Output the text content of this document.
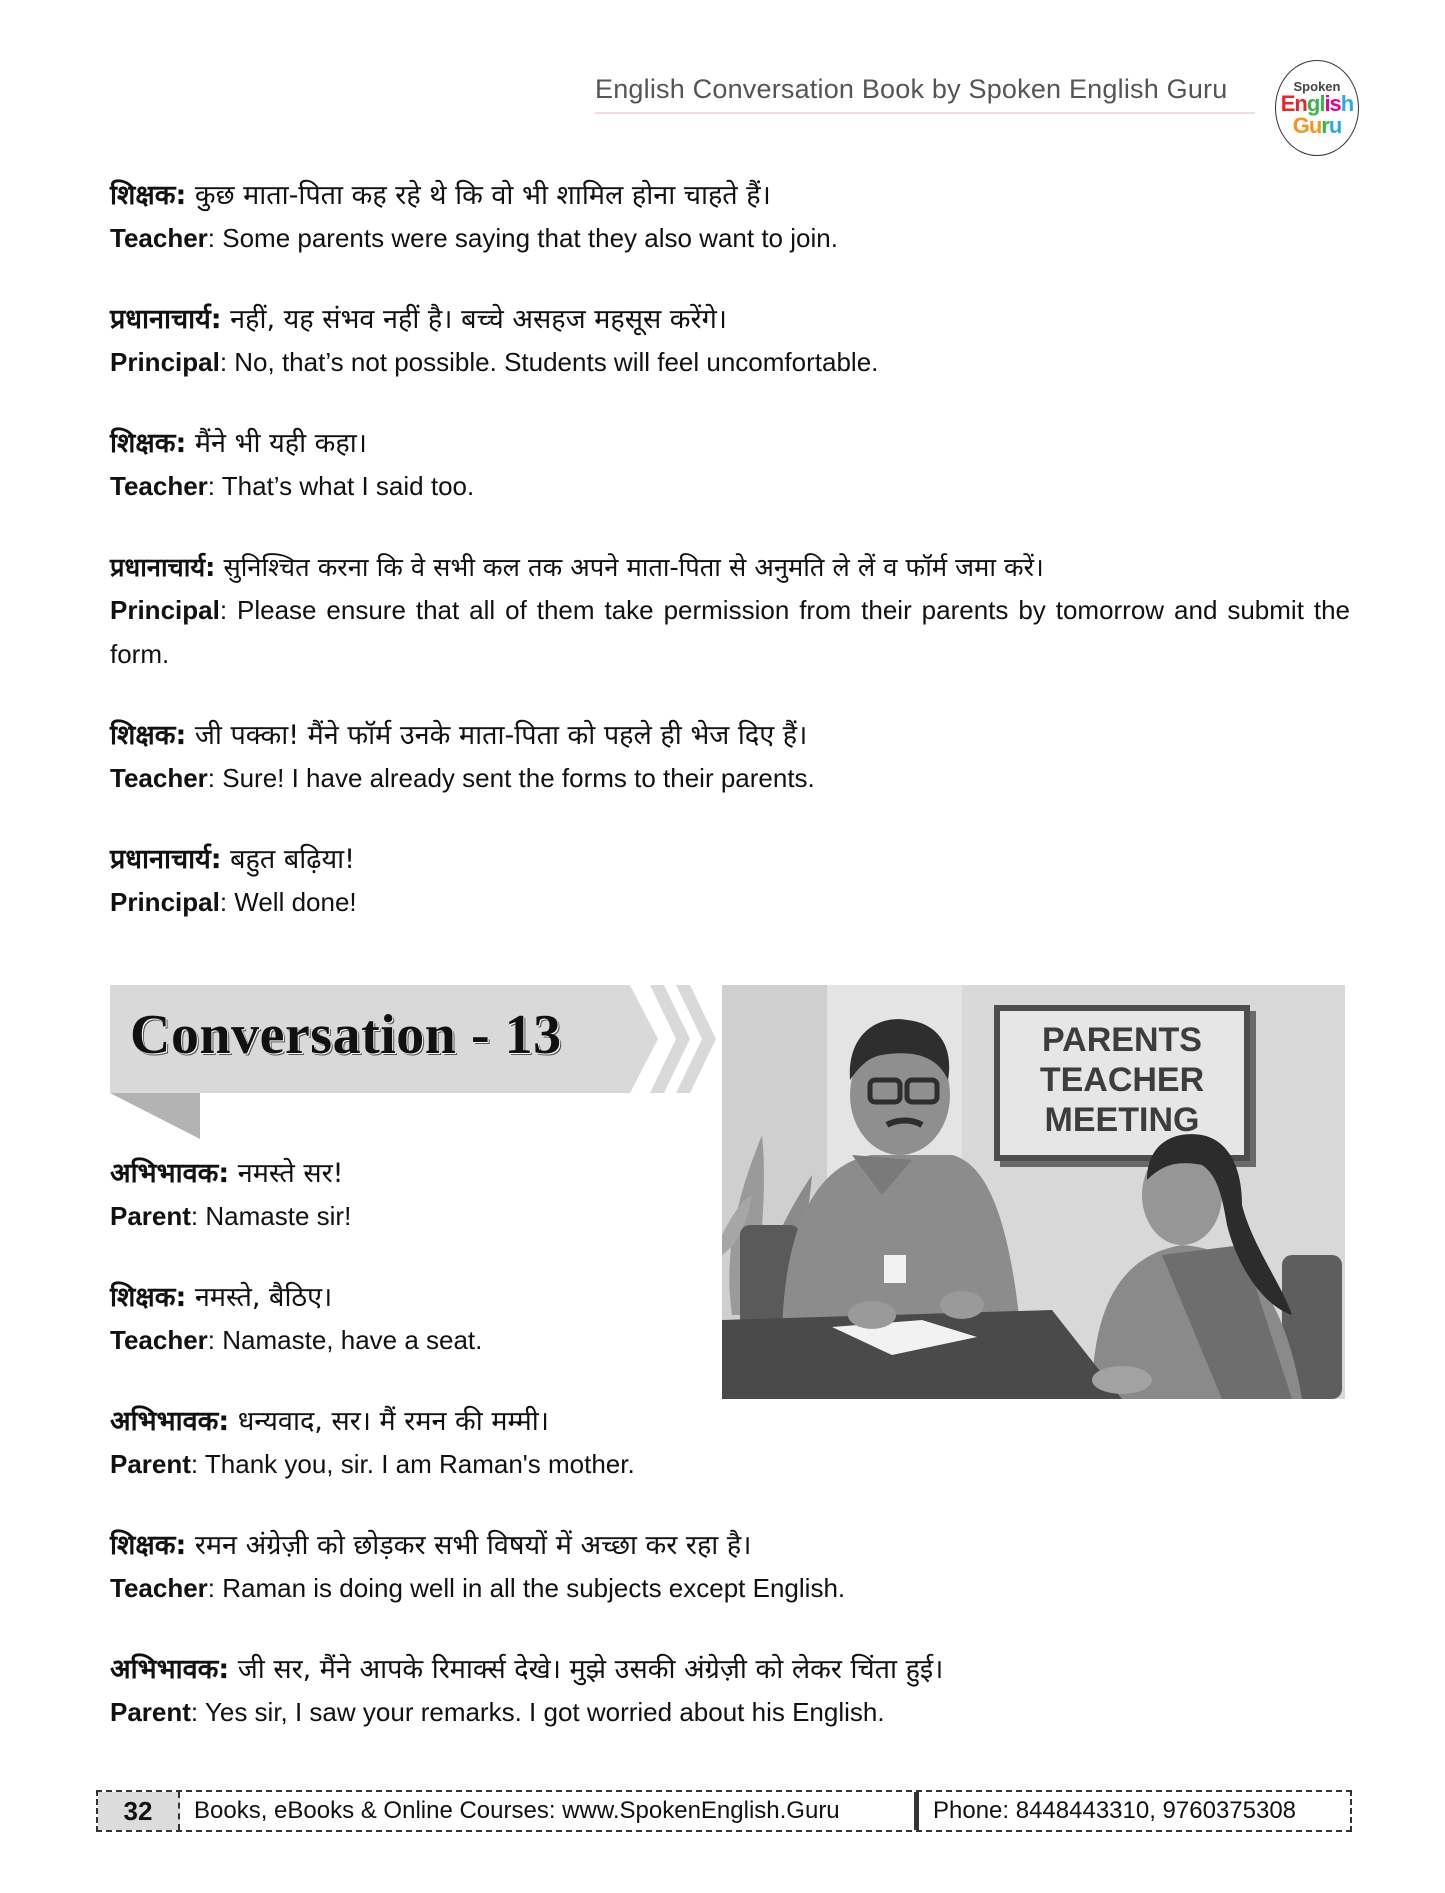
English Conversation Book by Spoken English Guru	Spoken
English
Guru
शिक्षक: कुछ माता-पिता कह रहे थे कि वो भी शामिल होना चाहते हैं।
Teacher: Some parents were saying that they also want to join.
प्रधानाचार्य: नहीं, यह संभव नहीं है। बच्चे असहज महसूस करेंगे।
Principal: No, that’s not possible. Students will feel uncomfortable.
शिक्षक: मैंने भी यही कहा।
Teacher: That’s what I said too.
प्रधानाचार्य: सुनिश्चित करना कि वे सभी कल तक अपने माता-पिता से अनुमति ले लें व फॉर्म जमा करें।
Principal: Please ensure that all of them take permission from their parents by tomorrow and submit the form.
शिक्षक: जी पक्का! मैंने फॉर्म उनके माता-पिता को पहले ही भेज दिए हैं।
Teacher: Sure! I have already sent the forms to their parents.
प्रधानाचार्य: बहुत बढ़िया!
Principal: Well done!
Conversation - 13	PARENTS
TEACHER
MEETING
अभिभावक: नमस्ते सर!
Parent: Namaste sir!
शिक्षक: नमस्ते, बैठिए।
Teacher: Namaste, have a seat.
अभिभावक: धन्यवाद, सर। मैं रमन की मम्मी।
Parent: Thank you, sir. I am Raman's mother.
शिक्षक: रमन अंग्रेज़ी को छोड़कर सभी विषयों में अच्छा कर रहा है।
Teacher: Raman is doing well in all the subjects except English.
अभिभावक: जी सर, मैंने आपके रिमार्क्स देखे। मुझे उसकी अंग्रेज़ी को लेकर चिंता हुई।
Parent: Yes sir, I saw your remarks. I got worried about his English.
32	Books, eBooks & Online Courses: www.SpokenEnglish.Guru	Phone: 8448443310, 9760375308
